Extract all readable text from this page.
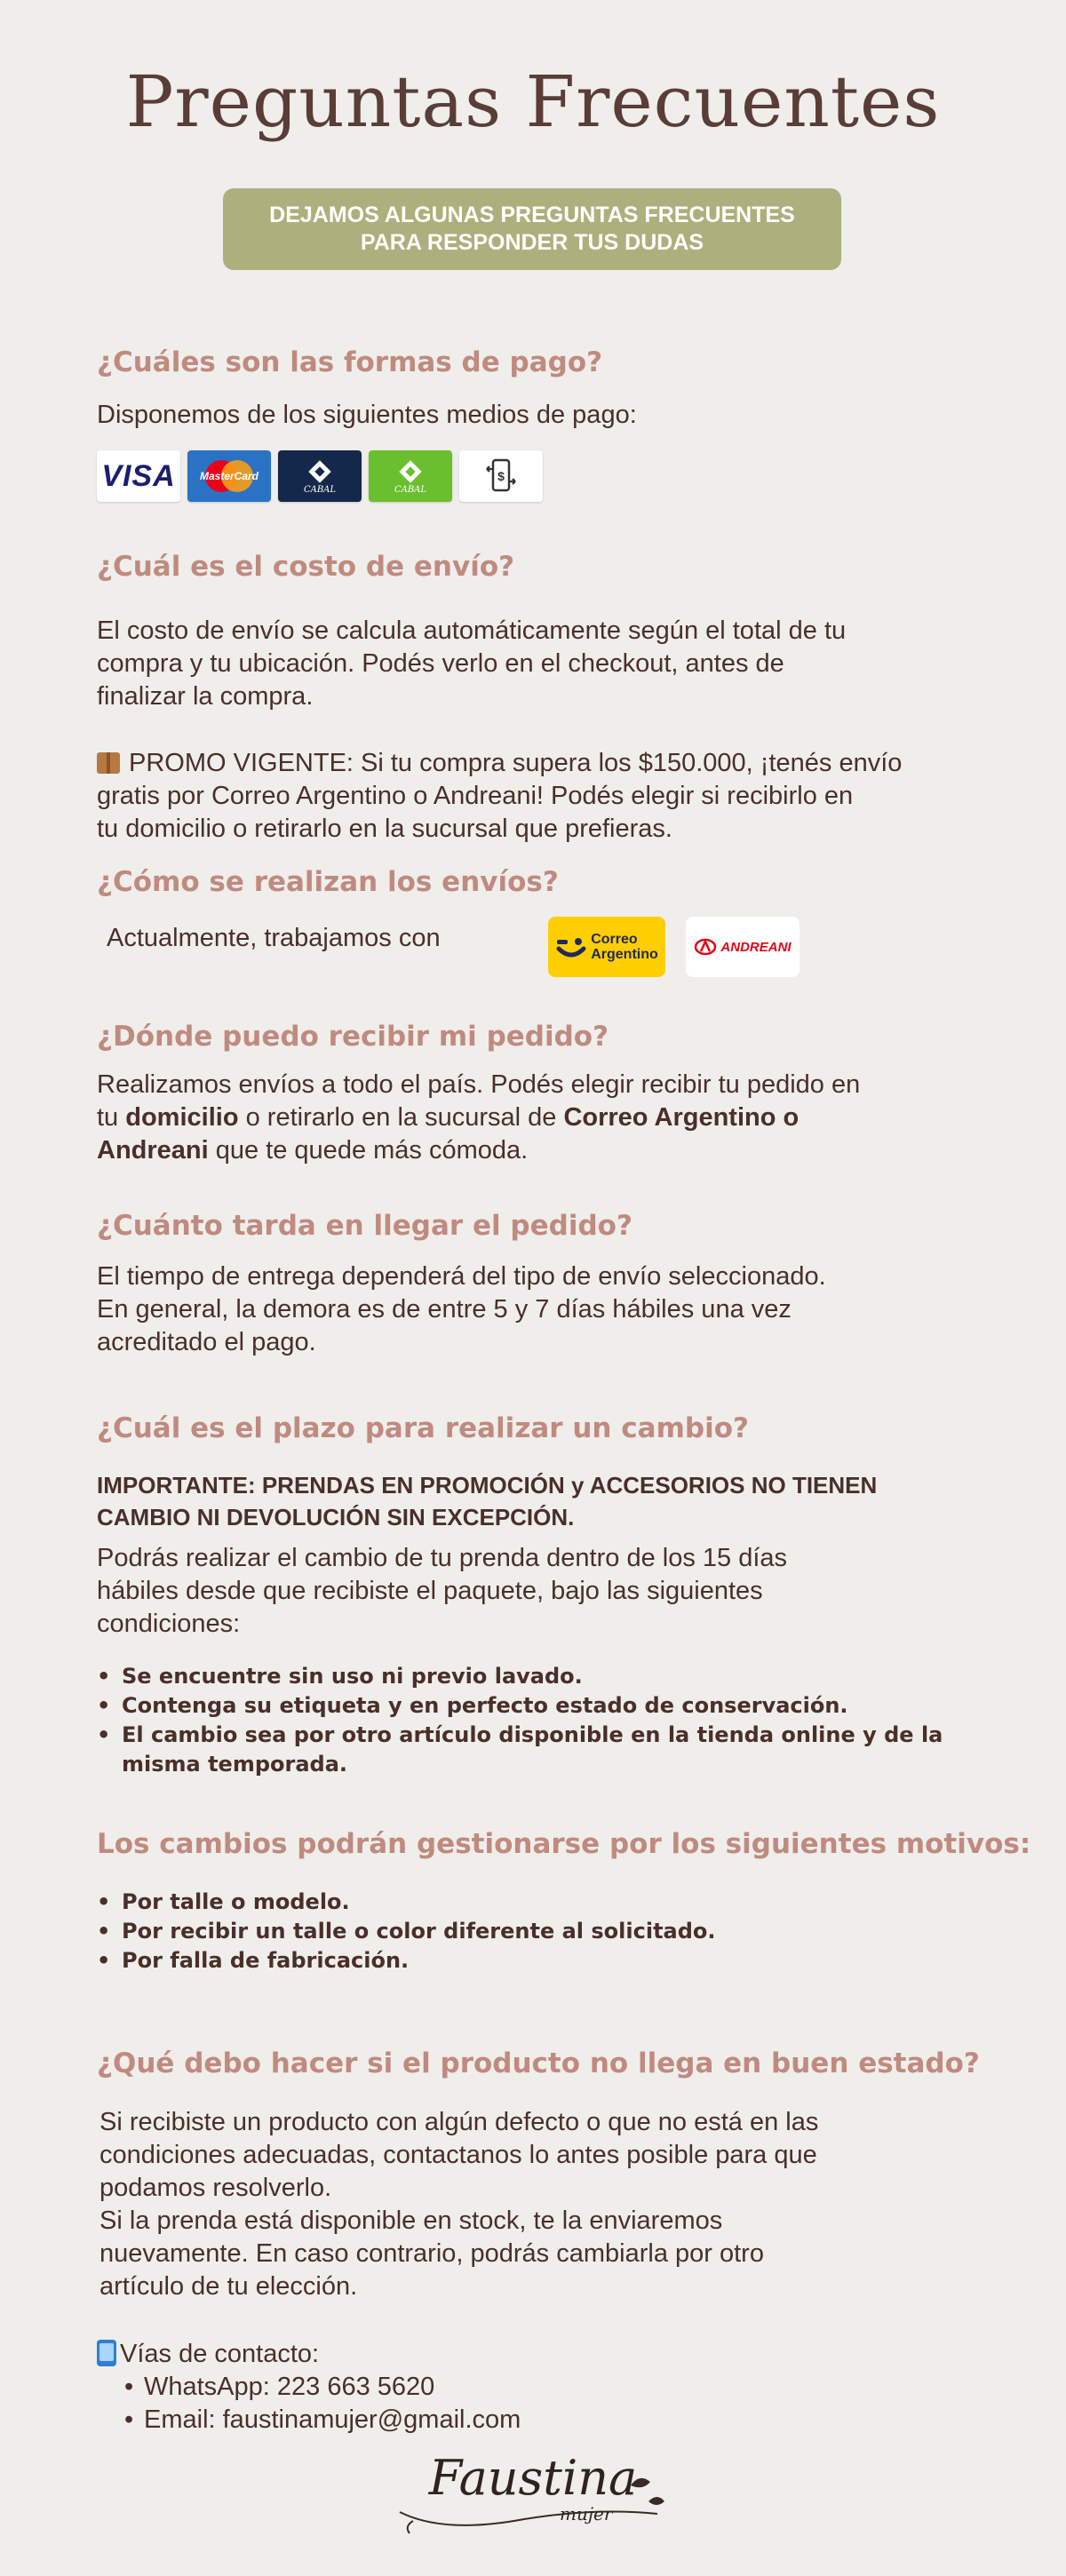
Preguntas Frecuentes
DEJAMOS ALGUNAS PREGUNTAS FRECUENTES
PARA RESPONDER TUS DUDAS
¿Cuáles son las formas de pago?

Disponemos de los siguientes medios de pago:

VISA MasterCard
CABAL	CABAL
$
¿Cuál es el costo de envío?
El costo de envío se calcula automáticamente según el total de tu
compra y tu ubicación. Podés verlo en el checkout, antes de
finalizar la compra.
PROMO VIGENTE: Si tu compra supera los $150.000, ¡tenés envío
gratis por Correo Argentino o Andreani! Podés elegir si recibirlo en
tu domicilio o retirarlo en la sucursal que prefieras.
¿Cómo se realizan los envíos?

Actualmente, trabajamos con	Correo
Argentino	ANDREANI
¿Dónde puedo recibir mi pedido?
Realizamos envíos a todo el país. Podés elegir recibir tu pedido en
tu domicilio o retirarlo en la sucursal de Correo Argentino o
Andreani que te quede más cómoda.
¿Cuánto tarda en llegar el pedido?
El tiempo de entrega dependerá del tipo de envío seleccionado.
En general, la demora es de entre 5 y 7 días hábiles una vez
acreditado el pago.
¿Cuál es el plazo para realizar un cambio?
IMPORTANTE: PRENDAS EN PROMOCIÓN y ACCESORIOS NO TIENEN
CAMBIO NI DEVOLUCIÓN SIN EXCEPCIÓN.
Podrás realizar el cambio de tu prenda dentro de los 15 días
hábiles desde que recibiste el paquete, bajo las siguientes
condiciones:
• Se encuentre sin uso ni previo lavado.
• Contenga su etiqueta y en perfecto estado de conservación.
• El cambio sea por otro artículo disponible en la tienda online y de la
misma temporada.
Los cambios podrán gestionarse por los siguientes motivos:
• Por talle o modelo.
• Por recibir un talle o color diferente al solicitado.
• Por falla de fabricación.
¿Qué debo hacer si el producto no llega en buen estado?
Si recibiste un producto con algún defecto o que no está en las
condiciones adecuadas, contactanos lo antes posible para que
podamos resolverlo.
Si la prenda está disponible en stock, te la enviaremos
nuevamente. En caso contrario, podrás cambiarla por otro
artículo de tu elección.
Vías de contacto:
• WhatsApp: 223 663 5620
• Email: faustinamujer@gmail.com
Faustina
mujer
